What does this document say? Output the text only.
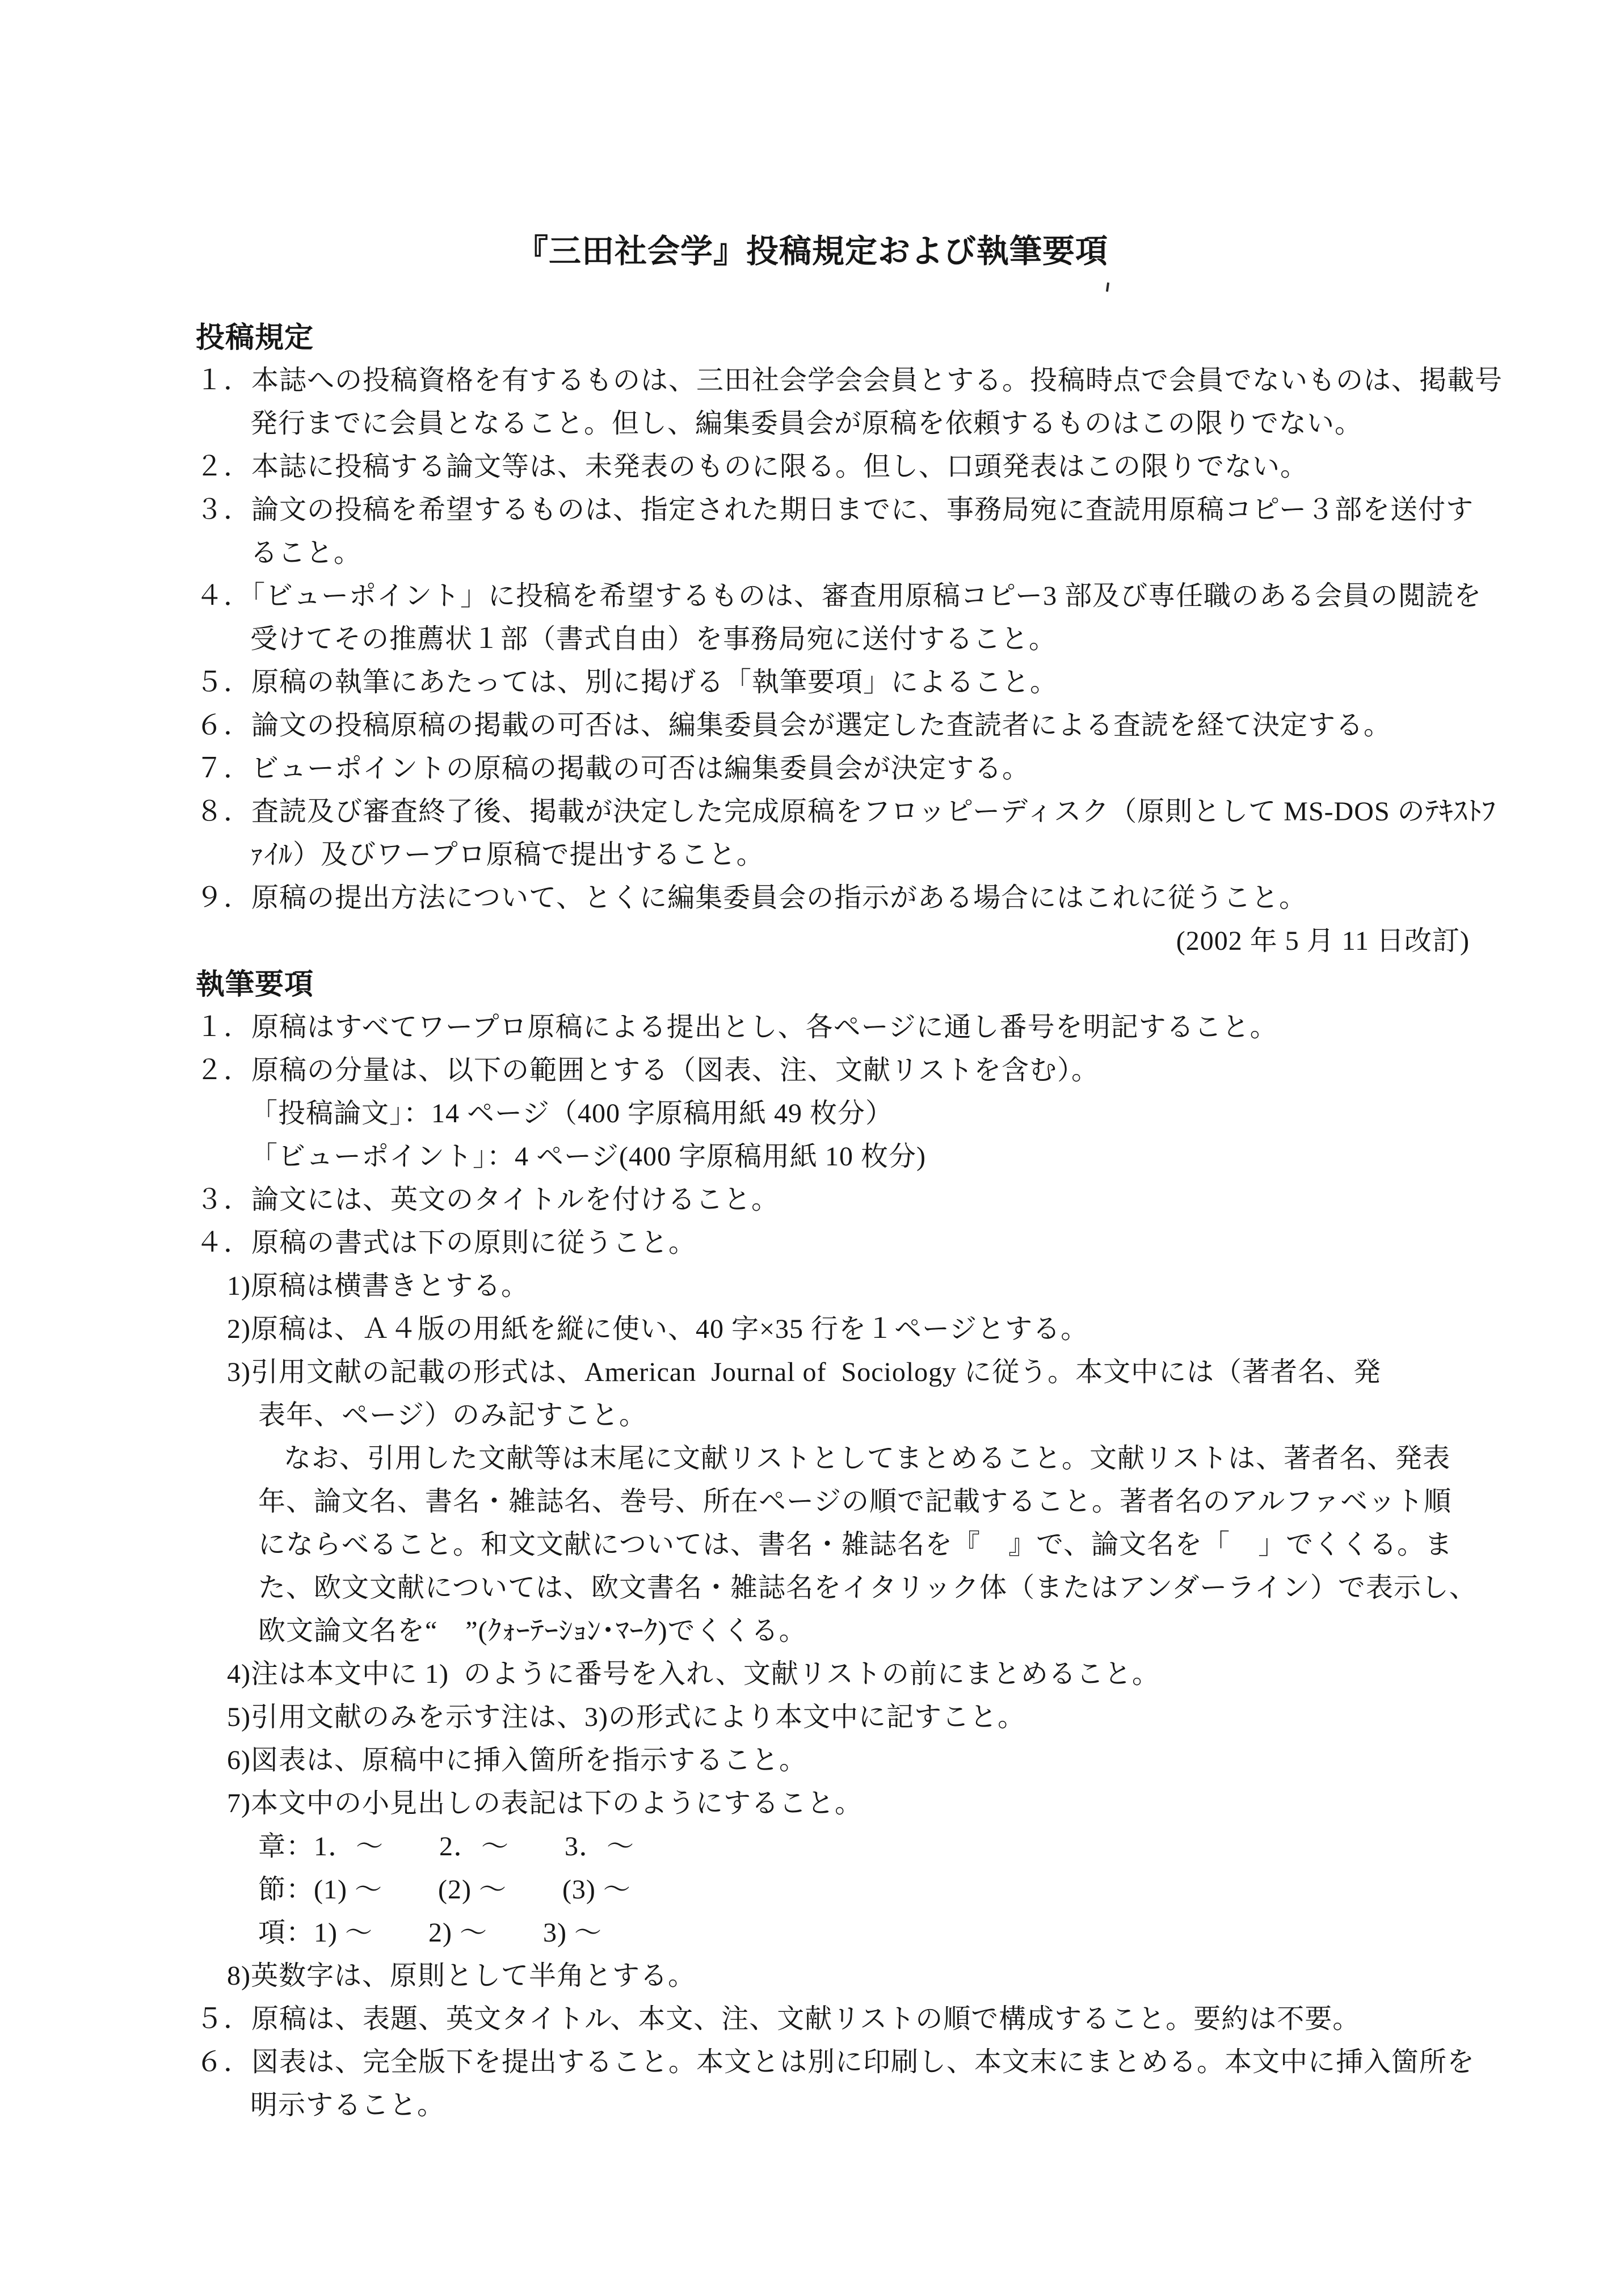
『三田社会学』投稿規定および執筆要項
投稿規定
１．本誌への投稿資格を有するものは、三田社会学会会員とする。投稿時点で会員でないものは、掲載号
発行までに会員となること。但し、編集委員会が原稿を依頼するものはこの限りでない。
２．本誌に投稿する論文等は、未発表のものに限る。但し、口頭発表はこの限りでない。
３．論文の投稿を希望するものは、指定された期日までに、事務局宛に査読用原稿コピー３部を送付す
ること。
４．「ビューポイント」に投稿を希望するものは、審査用原稿コピー3 部及び専任職のある会員の閲読を
受けてその推薦状１部（書式自由）を事務局宛に送付すること。
５．原稿の執筆にあたっては、別に掲げる「執筆要項」によること。
６．論文の投稿原稿の掲載の可否は、編集委員会が選定した査読者による査読を経て決定する。
７．ビューポイントの原稿の掲載の可否は編集委員会が決定する。
８．査読及び審査終了後、掲載が決定した完成原稿をフロッピーディスク（原則として MS-DOS のﾃｷｽﾄﾌ
ｧｲﾙ）及びワープロ原稿で提出すること。
９．原稿の提出方法について、とくに編集委員会の指示がある場合にはこれに従うこと。
(2002 年 5 月 11 日改訂)
執筆要項
１．原稿はすべてワープロ原稿による提出とし、各ページに通し番号を明記すること。
２．原稿の分量は、以下の範囲とする（図表、注、文献リストを含む）。
「投稿論文」：14 ページ（400 字原稿用紙 49 枚分）
「ビューポイント」：4 ページ(400 字原稿用紙 10 枚分)
３．論文には、英文のタイトルを付けること。
４．原稿の書式は下の原則に従うこと。
1)原稿は横書きとする。
2)原稿は、Ａ４版の用紙を縦に使い、40 字×35 行を１ページとする。
3)引用文献の記載の形式は、American  Journal of  Sociology に従う。本文中には（著者名、発
表年、ページ）のみ記すこと。
なお、引用した文献等は末尾に文献リストとしてまとめること。文献リストは、著者名、発表
年、論文名、書名・雑誌名、巻号、所在ページの順で記載すること。著者名のアルファベット順
にならべること。和文文献については、書名・雑誌名を『　』で、論文名を「　」でくくる。ま
た、欧文文献については、欧文書名・雑誌名をイタリック体（またはアンダーライン）で表示し、
欧文論文名を“　”(ｸｫｰﾃｰｼｮﾝ･ﾏｰｸ)でくくる。
4)注は本文中に 1)  のように番号を入れ、文献リストの前にまとめること。
5)引用文献のみを示す注は、3)の形式により本文中に記すこと。
6)図表は、原稿中に挿入箇所を指示すること。
7)本文中の小見出しの表記は下のようにすること。
章：1．〜　　2．〜　　3．〜
節：(1) 〜　　(2) 〜　　(3) 〜
項：1) 〜　　2) 〜　　3) 〜
8)英数字は、原則として半角とする。
５．原稿は、表題、英文タイトル、本文、注、文献リストの順で構成すること。要約は不要。
６．図表は、完全版下を提出すること。本文とは別に印刷し、本文末にまとめる。本文中に挿入箇所を
明示すること。
